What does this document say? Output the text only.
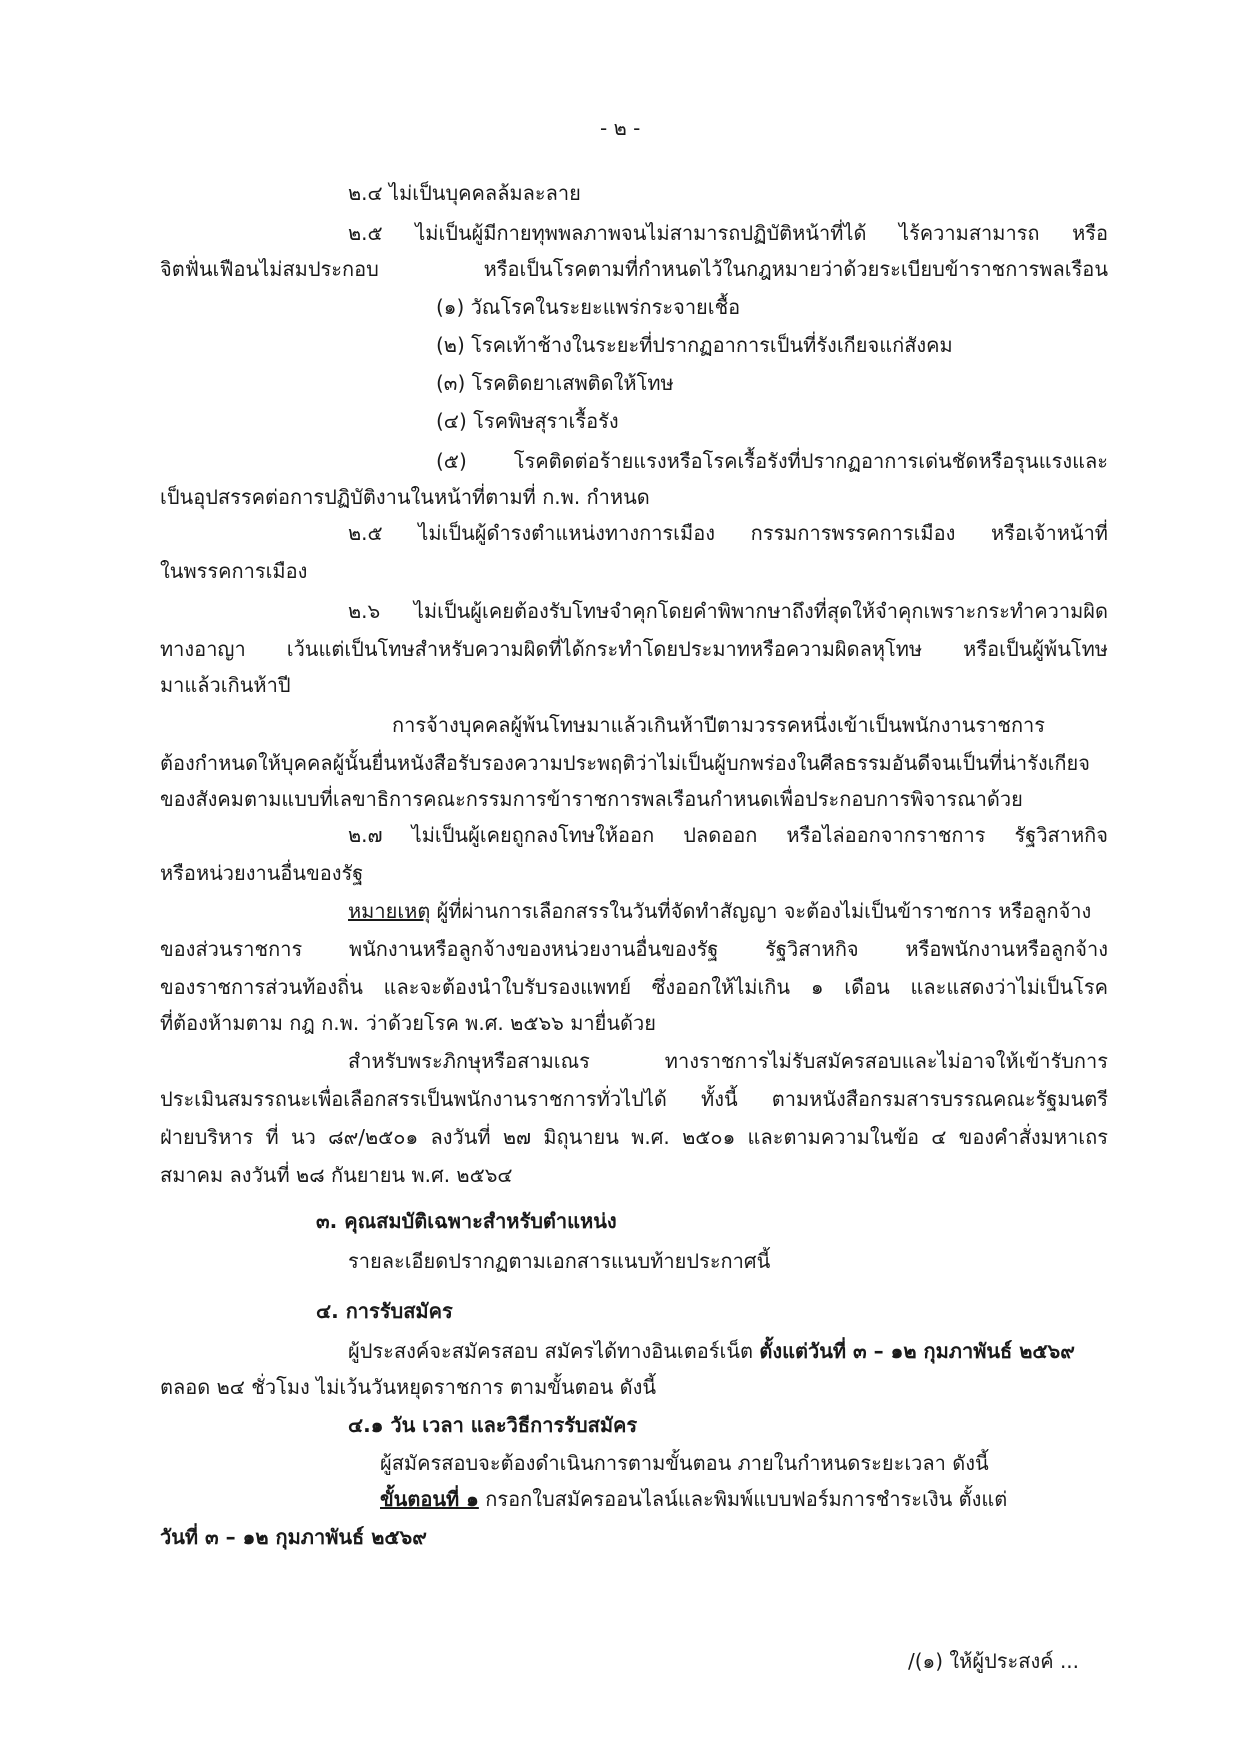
- ๒ -
๒.๔ ไม่เป็นบุคคลล้มละลาย
๒.๕ ไม่เป็นผู้มีกายทุพพลภาพจนไม่สามารถปฏิบัติหน้าที่ได้ ไร้ความสามารถ หรือ
จิตฟั่นเฟือนไม่สมประกอบ หรือเป็นโรคตามที่กำหนดไว้ในกฎหมายว่าด้วยระเบียบข้าราชการพลเรือน
(๑) วัณโรคในระยะแพร่กระจายเชื้อ
(๒) โรคเท้าช้างในระยะที่ปรากฏอาการเป็นที่รังเกียจแก่สังคม
(๓) โรคติดยาเสพติดให้โทษ
(๔) โรคพิษสุราเรื้อรัง
(๕) โรคติดต่อร้ายแรงหรือโรคเรื้อรังที่ปรากฏอาการเด่นชัดหรือรุนแรงและ
เป็นอุปสรรคต่อการปฏิบัติงานในหน้าที่ตามที่ ก.พ. กำหนด
๒.๕ ไม่เป็นผู้ดำรงตำแหน่งทางการเมือง กรรมการพรรคการเมือง หรือเจ้าหน้าที่
ในพรรคการเมือง
๒.๖ ไม่เป็นผู้เคยต้องรับโทษจำคุกโดยคำพิพากษาถึงที่สุดให้จำคุกเพราะกระทำความผิด
ทางอาญา เว้นแต่เป็นโทษสำหรับความผิดที่ได้กระทำโดยประมาทหรือความผิดลหุโทษ หรือเป็นผู้พ้นโทษ
มาแล้วเกินห้าปี
การจ้างบุคคลผู้พ้นโทษมาแล้วเกินห้าปีตามวรรคหนึ่งเข้าเป็นพนักงานราชการ
ต้องกำหนดให้บุคคลผู้นั้นยื่นหนังสือรับรองความประพฤติว่าไม่เป็นผู้บกพร่องในศีลธรรมอันดีจนเป็นที่น่ารังเกียจ
ของสังคมตามแบบที่เลขาธิการคณะกรรมการข้าราชการพลเรือนกำหนดเพื่อประกอบการพิจารณาด้วย
๒.๗ ไม่เป็นผู้เคยถูกลงโทษให้ออก ปลดออก หรือไล่ออกจากราชการ รัฐวิสาหกิจ
หรือหน่วยงานอื่นของรัฐ
หมายเหตุ ผู้ที่ผ่านการเลือกสรรในวันที่จัดทำสัญญา จะต้องไม่เป็นข้าราชการ หรือลูกจ้าง
ของส่วนราชการ พนักงานหรือลูกจ้างของหน่วยงานอื่นของรัฐ รัฐวิสาหกิจ หรือพนักงานหรือลูกจ้าง
ของราชการส่วนท้องถิ่น และจะต้องนำใบรับรองแพทย์ ซึ่งออกให้ไม่เกิน ๑ เดือน และแสดงว่าไม่เป็นโรค
ที่ต้องห้ามตาม กฎ ก.พ. ว่าด้วยโรค พ.ศ. ๒๕๖๖ มายื่นด้วย
สำหรับพระภิกษุหรือสามเณร ทางราชการไม่รับสมัครสอบและไม่อาจให้เข้ารับการ
ประเมินสมรรถนะเพื่อเลือกสรรเป็นพนักงานราชการทั่วไปได้ ทั้งนี้ ตามหนังสือกรมสารบรรณคณะรัฐมนตรี
ฝ่ายบริหาร ที่ นว ๘๙/๒๕๐๑ ลงวันที่ ๒๗ มิถุนายน พ.ศ. ๒๕๐๑ และตามความในข้อ ๔ ของคำสั่งมหาเถร
สมาคม ลงวันที่ ๒๘ กันยายน พ.ศ. ๒๕๖๔
๓. คุณสมบัติเฉพาะสำหรับตำแหน่ง
รายละเอียดปรากฏตามเอกสารแนบท้ายประกาศนี้
๔. การรับสมัคร
ผู้ประสงค์จะสมัครสอบ สมัครได้ทางอินเตอร์เน็ต ตั้งแต่วันที่ ๓ – ๑๒ กุมภาพันธ์ ๒๕๖๙
ตลอด ๒๔ ชั่วโมง ไม่เว้นวันหยุดราชการ ตามขั้นตอน ดังนี้
๔.๑ วัน เวลา และวิธีการรับสมัคร
ผู้สมัครสอบจะต้องดำเนินการตามขั้นตอน ภายในกำหนดระยะเวลา ดังนี้
ขั้นตอนที่ ๑ กรอกใบสมัครออนไลน์และพิมพ์แบบฟอร์มการชำระเงิน ตั้งแต่
วันที่ ๓ – ๑๒ กุมภาพันธ์ ๒๕๖๙
/(๑) ให้ผู้ประสงค์ ...
